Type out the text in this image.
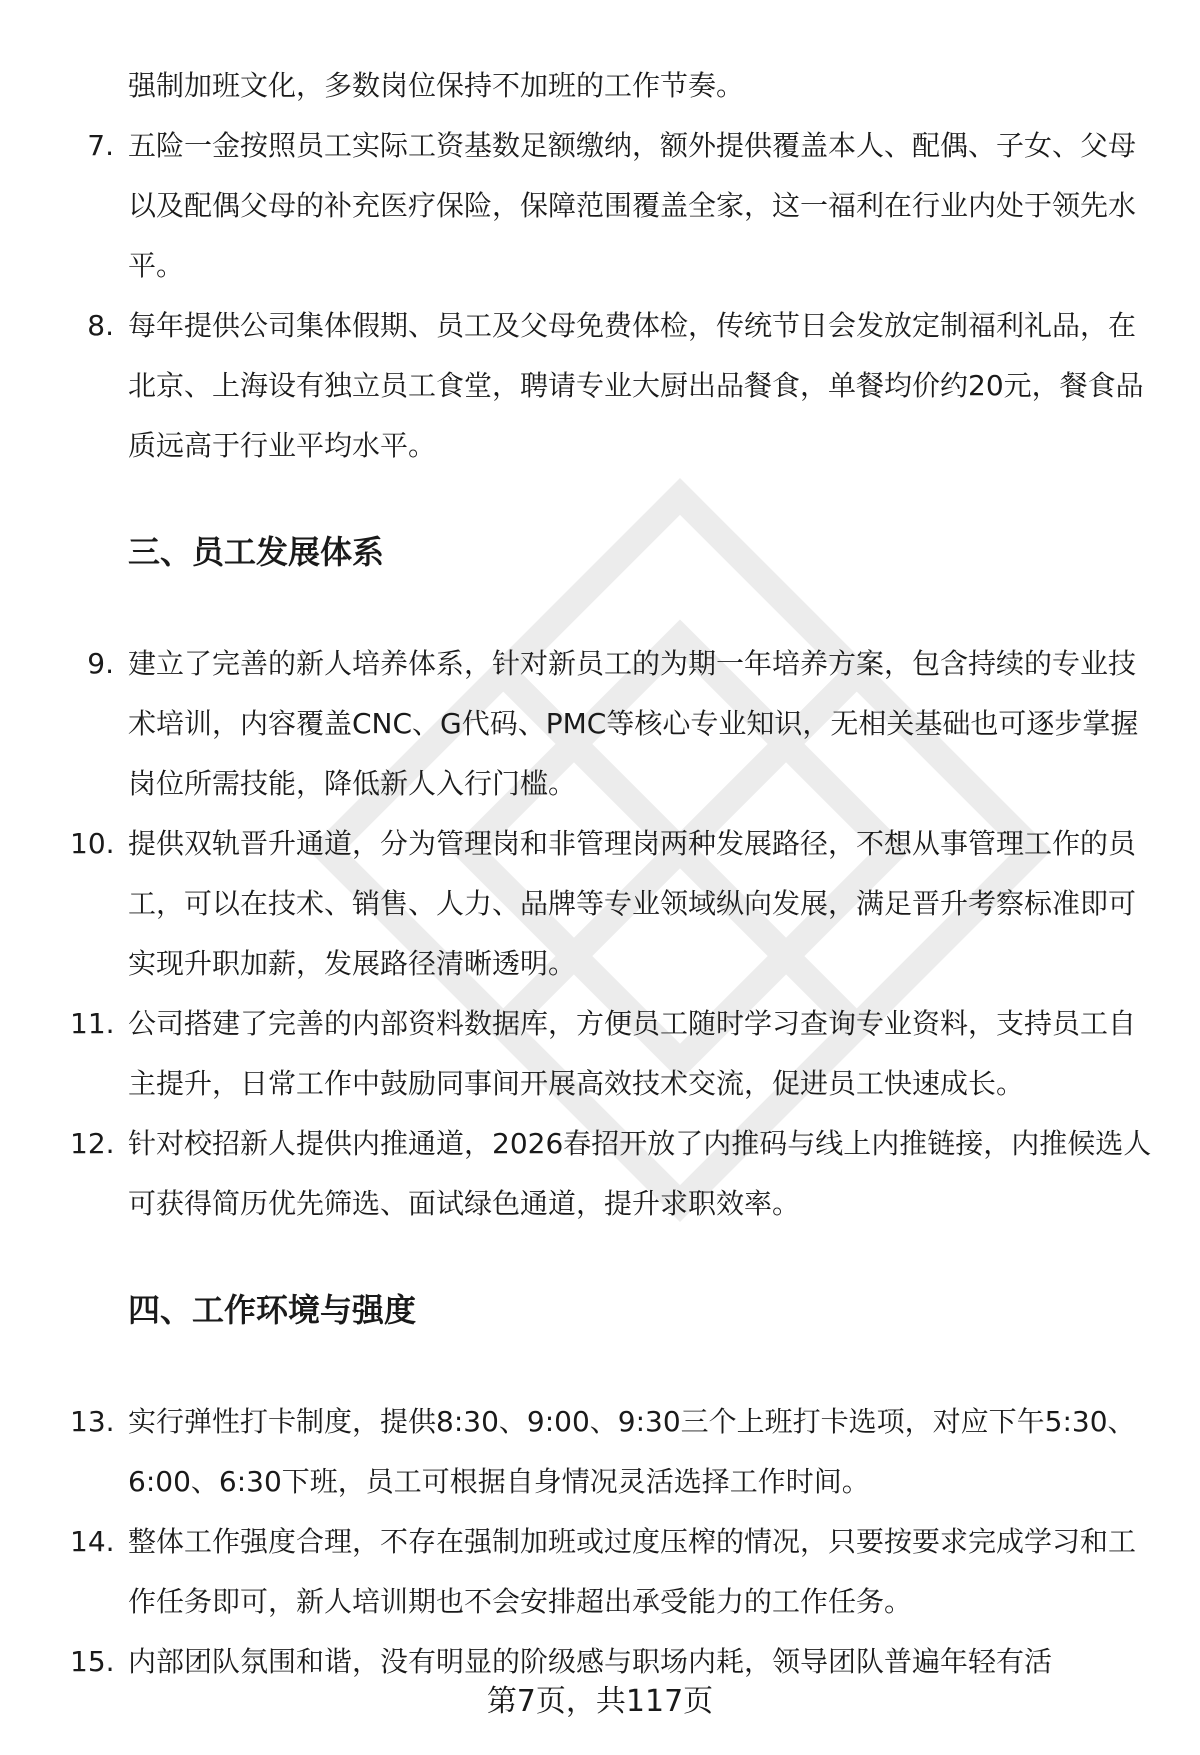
强制加班文化，多数岗位保持不加班的工作节奏。

7. 五险一金按照员工实际工资基数足额缴纳，额外提供覆盖本人、配偶、子女、父母以及配偶父母的补充医疗保险，保障范围覆盖全家，这一福利在行业内处于领先水平。

8. 每年提供公司集体假期、员工及父母免费体检，传统节日会发放定制福利礼品，在北京、上海设有独立员工食堂，聘请专业大厨出品餐食，单餐均价约20元，餐食品质远高于行业平均水平。

三、员工发展体系
9. 建立了完善的新人培养体系，针对新员工的为期一年培养方案，包含持续的专业技术培训，内容覆盖CNC、G代码、PMC等核心专业知识，无相关基础也可逐步掌握岗位所需技能，降低新人入行门槛。

10. 提供双轨晋升通道，分为管理岗和非管理岗两种发展路径，不想从事管理工作的员工，可以在技术、销售、人力、品牌等专业领域纵向发展，满足晋升考察标准即可实现升职加薪，发展路径清晰透明。

11. 公司搭建了完善的内部资料数据库，方便员工随时学习查询专业资料，支持员工自主提升，日常工作中鼓励同事间开展高效技术交流，促进员工快速成长。

12. 针对校招新人提供内推通道，2026春招开放了内推码与线上内推链接，内推候选人可获得简历优先筛选、面试绿色通道，提升求职效率。

四、工作环境与强度
13. 实行弹性打卡制度，提供8:30、9:00、9:30三个上班打卡选项，对应下午5:30、6:00、6:30下班，员工可根据自身情况灵活选择工作时间。

14. 整体工作强度合理，不存在强制加班或过度压榨的情况，只要按要求完成学习和工作任务即可，新人培训期也不会安排超出承受能力的工作任务。

15. 内部团队氛围和谐，没有明显的阶级感与职场内耗，领导团队普遍年轻有活

第7页，共117页
